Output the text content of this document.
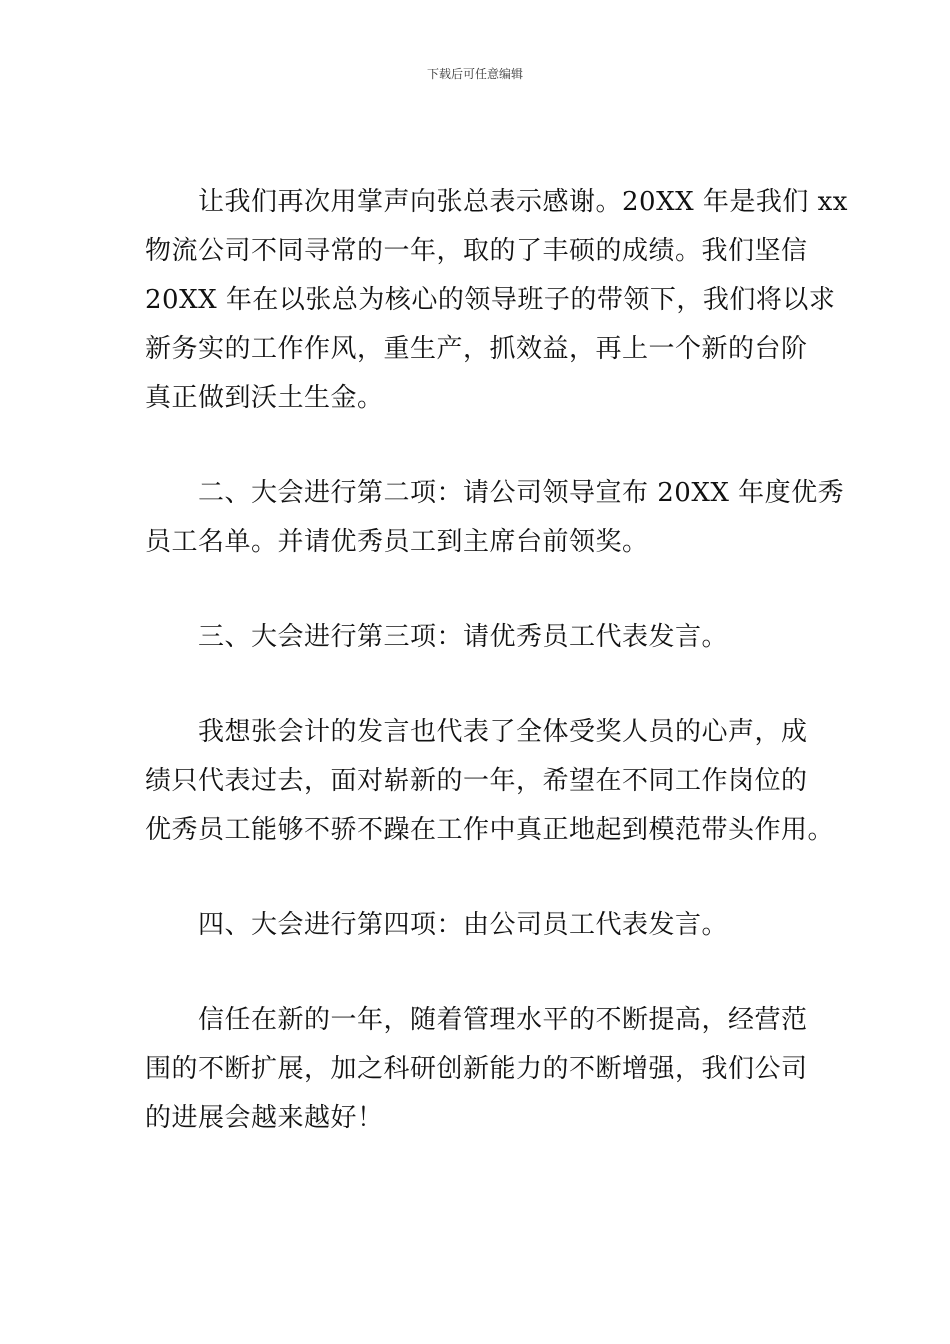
下载后可任意编辑

　　让我们再次用掌声向张总表示感谢。20XX 年是我们 xx
物流公司不同寻常的一年，取的了丰硕的成绩。我们坚信
20XX 年在以张总为核心的领导班子的带领下，我们将以求
新务实的工作作风，重生产，抓效益，再上一个新的台阶
真正做到沃土生金。

　　二、大会进行第二项：请公司领导宣布 20XX 年度优秀
员工名单。并请优秀员工到主席台前领奖。

　　三、大会进行第三项：请优秀员工代表发言。

　　我想张会计的发言也代表了全体受奖人员的心声，成
绩只代表过去，面对崭新的一年，希望在不同工作岗位的
优秀员工能够不骄不躁在工作中真正地起到模范带头作用。

　　四、大会进行第四项：由公司员工代表发言。

　　信任在新的一年，随着管理水平的不断提高，经营范
围的不断扩展，加之科研创新能力的不断增强，我们公司
的进展会越来越好！
